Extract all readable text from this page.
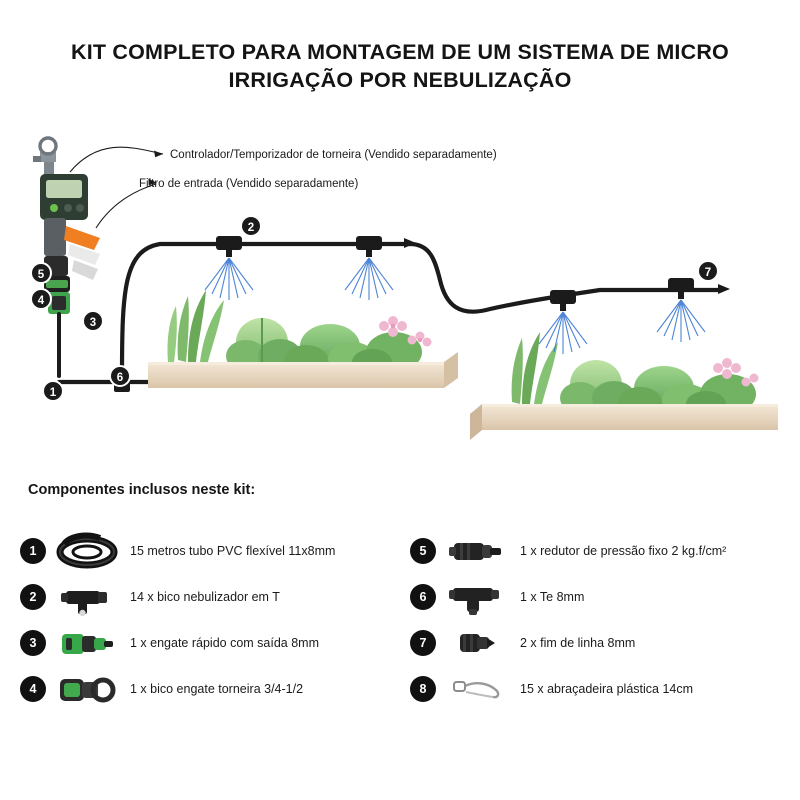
KIT COMPLETO PARA MONTAGEM DE UM SISTEMA DE MICRO IRRIGAÇÃO POR NEBULIZAÇÃO
Controlador/Temporizador de torneira (Vendido separadamente)
Filtro de entrada (Vendido separadamente)
1
2
3
4
5
6
7
Componentes inclusos neste kit:
1	15 metros tubo PVC flexível 11x8mm
2	14 x bico nebulizador em T
3	1 x engate rápido com saída 8mm
4	1 x bico engate torneira 3/4-1/2
5	1 x redutor de pressão fixo 2 kg.f/cm²
6	1 x Te 8mm
7	2 x fim de linha 8mm
8	15 x abraçadeira plástica 14cm
